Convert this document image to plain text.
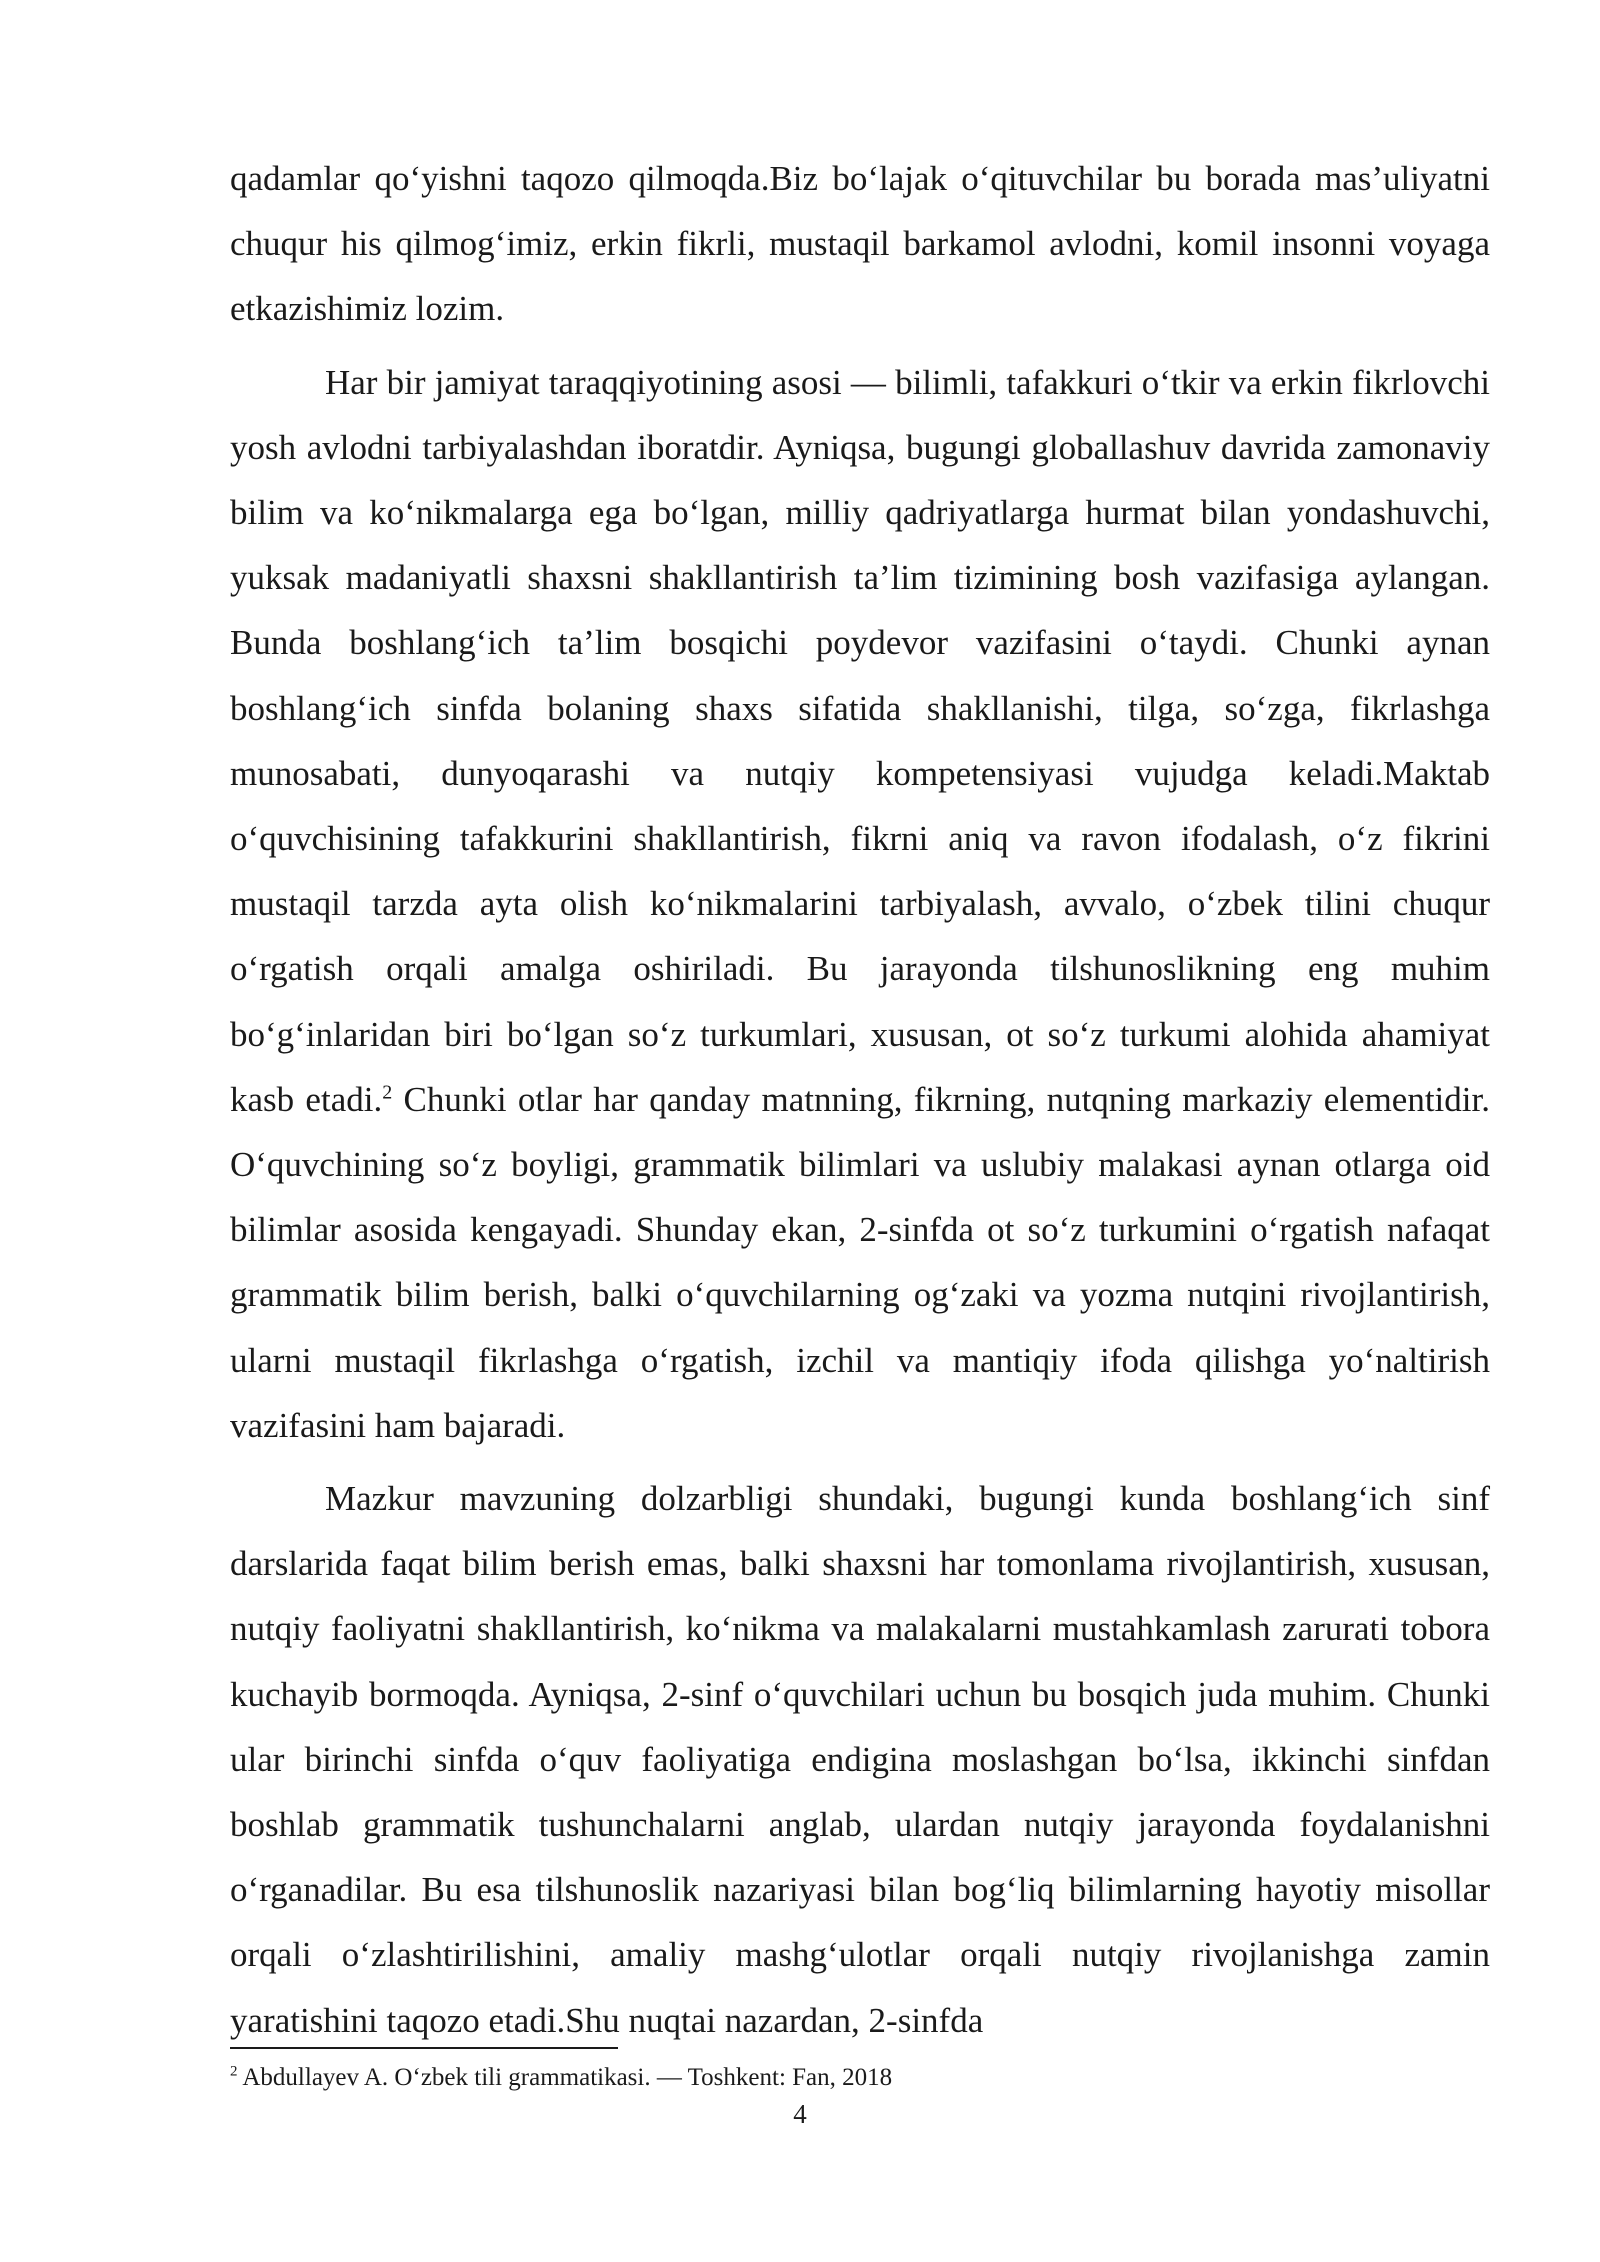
qadamlar qo‘yishni taqozo qilmoqda.Biz bo‘lajak o‘qituvchilar bu borada mas’uliyatni chuqur his qilmog‘imiz, erkin fikrli, mustaqil barkamol avlodni, komil insonni voyaga etkazishimiz lozim.

Har bir jamiyat taraqqiyotining asosi — bilimli, tafakkuri o‘tkir va erkin fikrlovchi yosh avlodni tarbiyalashdan iboratdir. Ayniqsa, bugungi globallashuv davrida zamonaviy bilim va ko‘nikmalarga ega bo‘lgan, milliy qadriyatlarga hurmat bilan yondashuvchi, yuksak madaniyatli shaxsni shakllantirish ta’lim tizimining bosh vazifasiga aylangan. Bunda boshlang‘ich ta’lim bosqichi poydevor vazifasini o‘taydi. Chunki aynan boshlang‘ich sinfda bolaning shaxs sifatida shakllanishi, tilga, so‘zga, fikrlashga munosabati, dunyoqarashi va nutqiy kompetensiyasi vujudga keladi.Maktab o‘quvchisining tafakkurini shakllantirish, fikrni aniq va ravon ifodalash, o‘z fikrini mustaqil tarzda ayta olish ko‘nikmalarini tarbiyalash, avvalo, o‘zbek tilini chuqur o‘rgatish orqali amalga oshiriladi. Bu jarayonda tilshunoslikning eng muhim bo‘g‘inlaridan biri bo‘lgan so‘z turkumlari, xususan, ot so‘z turkumi alohida ahamiyat kasb etadi.$^2$ Chunki otlar har qanday matnning, fikrning, nutqning markaziy elementidir. O‘quvchining so‘z boyligi, grammatik bilimlari va uslubiy malakasi aynan otlarga oid bilimlar asosida kengayadi. Shunday ekan, 2-sinfda ot so‘z turkumini o‘rgatish nafaqat grammatik bilim berish, balki o‘quvchilarning og‘zaki va yozma nutqini rivojlantirish, ularni mustaqil fikrlashga o‘rgatish, izchil va mantiqiy ifoda qilishga yo‘naltirish vazifasini ham bajaradi.

Mazkur mavzuning dolzarbligi shundaki, bugungi kunda boshlang‘ich sinf darslarida faqat bilim berish emas, balki shaxsni har tomonlama rivojlantirish, xususan, nutqiy faoliyatni shakllantirish, ko‘nikma va malakalarni mustahkamlash zarurati tobora kuchayib bormoqda. Ayniqsa, 2-sinf o‘quvchilari uchun bu bosqich juda muhim. Chunki ular birinchi sinfda o‘quv faoliyatiga endigina moslashgan bo‘lsa, ikkinchi sinfdan boshlab grammatik tushunchalarni anglab, ulardan nutqiy jarayonda foydalanishni o‘rganadilar. Bu esa tilshunoslik nazariyasi bilan bog‘liq bilimlarning hayotiy misollar orqali o‘zlashtirilishini, amaliy mashg‘ulotlar orqali nutqiy rivojlanishga zamin yaratishini taqozo etadi.Shu nuqtai nazardan, 2-sinfda

$^2$ Abdullayev A. O‘zbek tili grammatikasi. — Toshkent: Fan, 2018
4
